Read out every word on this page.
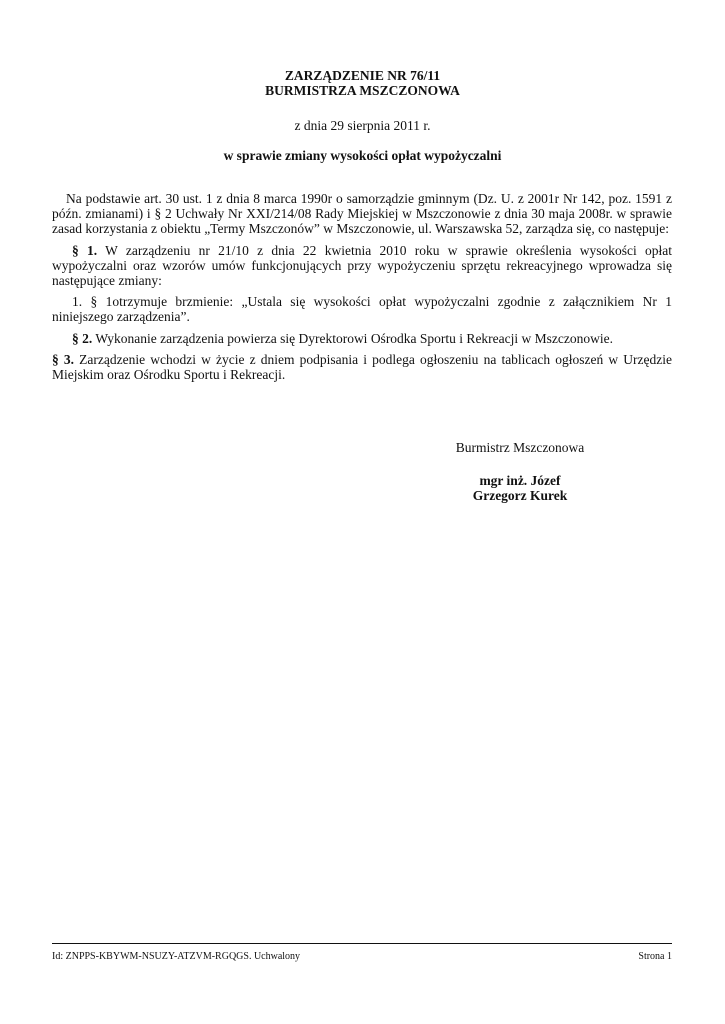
ZARZĄDZENIE NR 76/11
BURMISTRZA MSZCZONOWA
z dnia 29 sierpnia 2011 r.
w sprawie zmiany wysokości opłat wypożyczalni

Na podstawie art. 30 ust. 1 z dnia 8 marca 1990r o samorządzie gminnym (Dz. U. z 2001r Nr 142, poz. 1591 z późn. zmianami) i § 2 Uchwały Nr XXI/214/08 Rady Miejskiej w Mszczonowie z dnia 30 maja 2008r. w sprawie zasad korzystania z obiektu „Termy Mszczonów” w Mszczonowie, ul. Warszawska 52, zarządza się, co następuje:

§ 1. W zarządzeniu nr 21/10 z dnia 22 kwietnia 2010 roku w sprawie określenia wysokości opłat wypożyczalni oraz wzorów umów funkcjonujących przy wypożyczeniu sprzętu rekreacyjnego wprowadza się następujące zmiany:

1. § 1otrzymuje brzmienie: „Ustala się wysokości opłat wypożyczalni zgodnie z załącznikiem Nr 1 niniejszego zarządzenia”.

§ 2. Wykonanie zarządzenia powierza się Dyrektorowi Ośrodka Sportu i Rekreacji w Mszczonowie.

§ 3. Zarządzenie wchodzi w życie z dniem podpisania i podlega ogłoszeniu na tablicach ogłoszeń w Urzędzie Miejskim oraz Ośrodku Sportu i Rekreacji.

Burmistrz Mszczonowa
mgr inż. Józef
Grzegorz Kurek
Id: ZNPPS-KBYWM-NSUZY-ATZVM-RGQGS. Uchwalony	Strona 1
